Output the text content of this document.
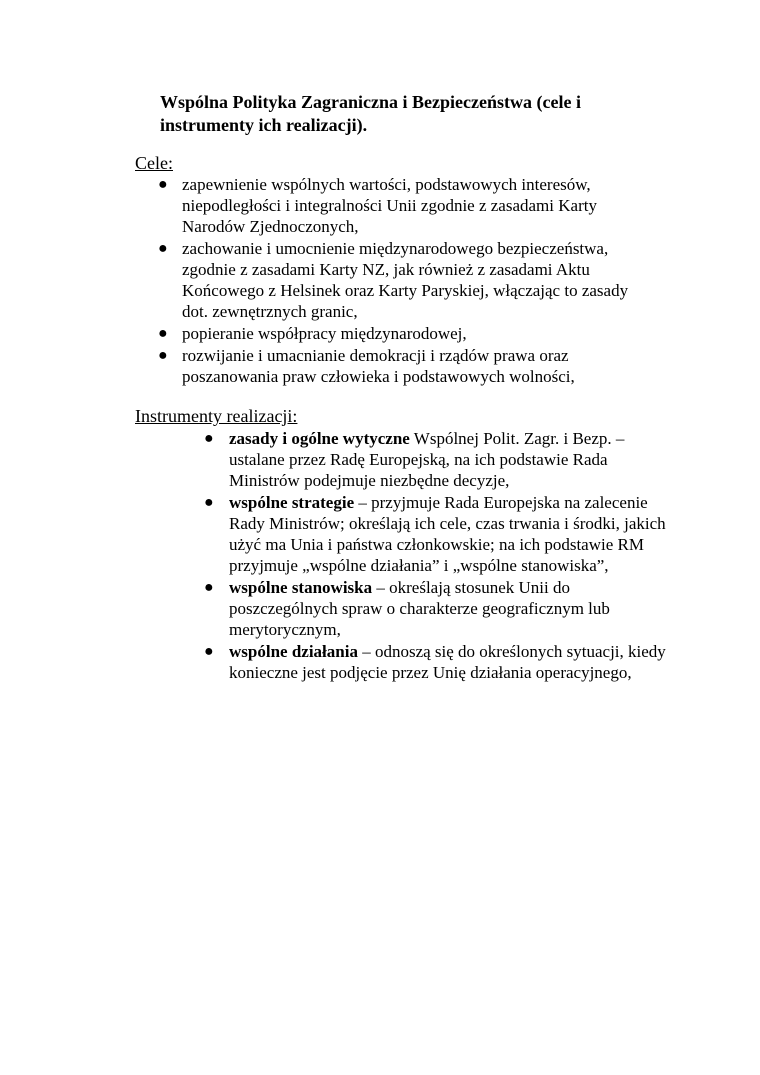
Wspólna Polityka Zagraniczna i Bezpieczeństwa (cele i instrumenty ich realizacji).
Cele:
● zapewnienie wspólnych wartości, podstawowych interesów, niepodległości i integralności Unii zgodnie z zasadami Karty Narodów Zjednoczonych,
● zachowanie i umocnienie międzynarodowego bezpieczeństwa, zgodnie z zasadami Karty NZ, jak również z zasadami Aktu Końcowego z Helsinek oraz Karty Paryskiej, włączając to zasady dot. zewnętrznych granic,
● popieranie współpracy międzynarodowej,
● rozwijanie i umacnianie demokracji i rządów prawa oraz poszanowania praw człowieka i podstawowych wolności,
Instrumenty realizacji:
● zasady i ogólne wytyczne Wspólnej Polit. Zagr. i Bezp. – ustalane przez Radę Europejską, na ich podstawie Rada Ministrów podejmuje niezbędne decyzje,
● wspólne strategie – przyjmuje Rada Europejska na zalecenie Rady Ministrów; określają ich cele, czas trwania i środki, jakich użyć ma Unia i państwa członkowskie; na ich podstawie RM przyjmuje „wspólne działania” i „wspólne stanowiska”,
● wspólne stanowiska – określają stosunek Unii do poszczególnych spraw o charakterze geograficznym lub merytorycznym,
● wspólne działania – odnoszą się do określonych sytuacji, kiedy konieczne jest podjęcie przez Unię działania operacyjnego,
